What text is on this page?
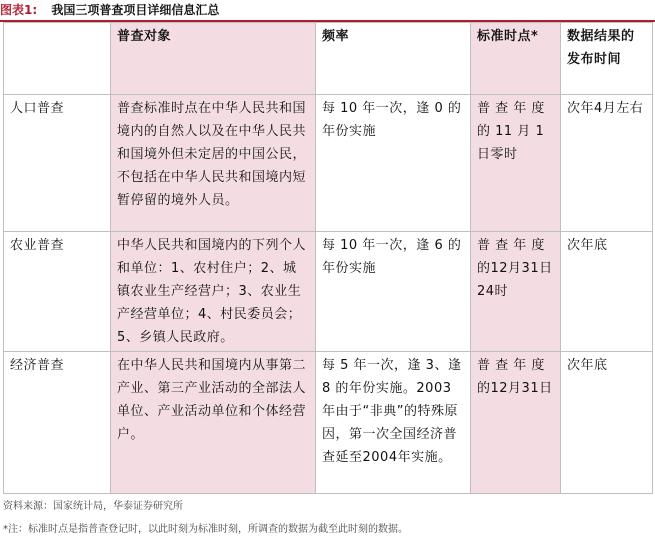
图表1: 我国三项普查项目详细信息汇总
	普查对象	频率	标准时点*	数据结果的发布时间
人口普查	普查标准时点在中华人民共和国境内的自然人以及在中华人民共和国境外但未定居的中国公民，不包括在中华人民共和国境内短暂停留的境外人员。	每 10 年一次，逢 0 的年份实施	普 查 年 度 的 11 月 1 日零时	次年4月左右
农业普查	中华人民共和国境内的下列个人和单位：1、农村住户；2、城镇农业生产经营户；3、农业生产经营单位；4、村民委员会；5、乡镇人民政府。	每 10 年一次，逢 6 的年份实施	普 查 年 度 的12月31日 24时	次年底
经济普查	在中华人民共和国境内从事第二产业、第三产业活动的全部法人单位、产业活动单位和个体经营户。	每 5 年一次，逢 3、逢 8 的年份实施。2003年由于“非典”的特殊原因，第一次全国经济普查延至2004年实施。	普 查 年 度 的12月31日	次年底
资料来源：国家统计局，华泰证券研究所
*注：标准时点是指普查登记时，以此时刻为标准时刻，所调查的数据为截至此时刻的数据。
